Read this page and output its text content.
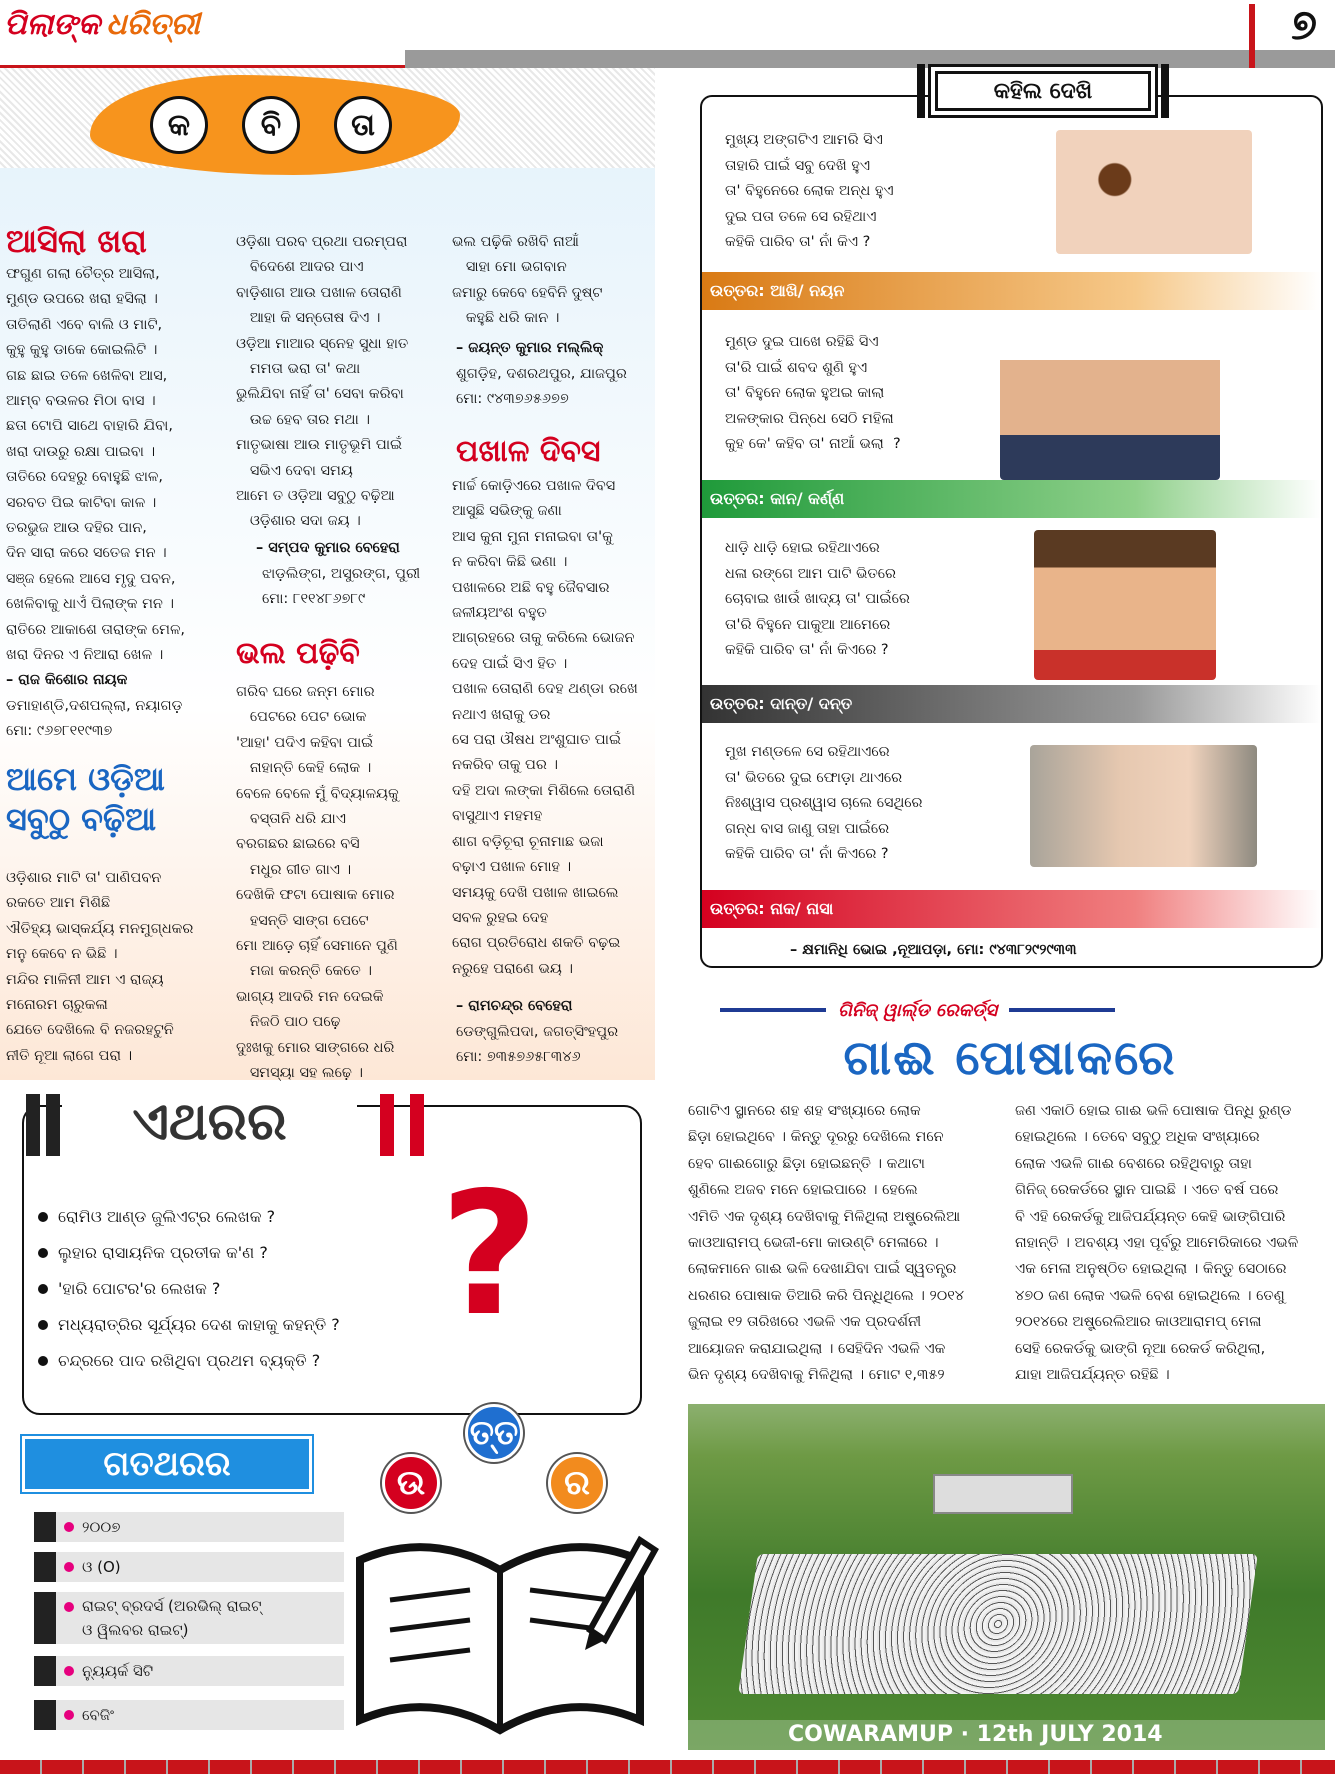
ପିଲାଙ୍କ ଧରିତ୍ରୀ	୭
କ	ବି	ତା
ଆସିଲା ଖରା
ଫଗୁଣ ଗଲା ଚୈତ୍ର ଆସିଲା,
ମୁଣ୍ଡ ଉପରେ ଖରା ହସିଲା ।
ତାତିଲାଣି ଏବେ ବାଲି ଓ ମାଟି,
କୁହୁ କୁହୁ ଡାକେ କୋଇଲିଟି ।
ଗଛ ଛାଇ ତଳେ ଖେଳିବା ଆସ,
ଆମ୍ବ ବଉଳର ମିଠା ବାସ ।
ଛତା ଟୋପି ସାଥେ ବାହାରି ଯିବା,
ଖରା ଦାଉରୁ ରକ୍ଷା ପାଇବା ।
ତାତିରେ ଦେହରୁ ବୋହୁଛି ଝାଳ,
ସରବତ ପିଇ କାଟିବା କାଳ ।
ତରଭୁଜ ଆଉ ଦହିର ପାନ,
ଦିନ ସାରା କରେ ସତେଜ ମନ ।
ସଞ୍ଜ ହେଲେ ଆସେ ମୃଦୁ ପବନ,
ଖେଳିବାକୁ ଧାଏଁ ପିଲାଙ୍କ ମନ ।
ରାତିରେ ଆକାଶେ ତାରାଙ୍କ ମେଳ,
ଖରା ଦିନର ଏ ନିଆରା ଖେଳ ।
– ରାଜ କିଶୋର ନାୟକ
ଡମାହାଣ୍ଡି,ଦଶପଲ୍ଲା, ନୟାଗଡ଼
ମୋ: ୯୬୭୮୧୧୯୩୭
ଆମେ ଓଡ଼ିଆ
ସବୁଠୁ ବଢ଼ିଆ
ଓଡ଼ିଶାର ମାଟି ତା' ପାଣିପବନ
ରକତେ ଆମ ମିଶିଛି
ଐତିହ୍ୟ ଭାସ୍କର୍ଯ୍ୟ ମନମୁଗ୍ଧକର
ମନୁ କେବେ ନ ଭିଛି ।
ମନ୍ଦିର ମାଳିନୀ ଆମ ଏ ରାଜ୍ୟ
ମନୋରମ ଚାରୁକଳା
ଯେତେ ଦେଖିଲେ ବି ନଜରହଟୁନି
ନୀତି ନୂଆ ଲାଗେ ପରା ।
ଓଡ଼ିଶା ପରବ ପ୍ରଥା ପରମ୍ପରା
ବିଦେଶେ ଆଦର ପାଏ
ବାଡ଼ିଶାଗ ଆଉ ପଖାଳ ତୋରାଣି
ଆହା କି ସନ୍ତୋଷ ଦିଏ ।
ଓଡ଼ିଆ ମାଆର ସ୍ନେହ ସୁଧା ହାତ
ମମତା ଭରା ତା' କଥା
ଭୁଲିଯିବା ନାହିଁ ତା' ସେବା କରିବା
ଉଚ୍ଚ ହେବ ତାର ମଥା ।
ମାତୃଭାଷା ଆଉ ମାତୃଭୂମି ପାଇଁ
ସଭିଏ ଦେବା ସମୟ
ଆମେ ତ ଓଡ଼ିଆ ସବୁଠୁ ବଢ଼ିଆ
ଓଡ଼ିଶାର ସଦା ଜୟ ।
– ସମ୍ପଦ କୁମାର ବେହେରା
ଝାଡ଼ଲିଙ୍ଗ, ଅସୁରଙ୍ଗ, ପୁରୀ
ମୋ: ୮୧୧୪୮୬୭୮୯
ଭଲ ପଢ଼ିବି
ଗରିବ ଘରେ ଜନ୍ମ ମୋର
ପେଟରେ ପେଟ ଭୋକ
'ଆହା' ପଦିଏ କହିବା ପାଇଁ
ନାହାନ୍ତି କେହି ଲୋକ ।
ବେଳେ ବେଳେ ମୁଁ ବିଦ୍ୟାଳୟକୁ
ବସ୍ତାନି ଧରି ଯାଏ
ବରଗଛର ଛାଇରେ ବସି
ମଧୁର ଗୀତ ଗାଏ ।
ଦେଖିକି ଫଟା ପୋଷାକ ମୋର
ହସନ୍ତି ସାଙ୍ଗ ପେଟେ
ମୋ ଆଡ଼େ ଚାହିଁ ସେମାନେ ପୁଣି
ମଜା କରନ୍ତି କେତେ ।
ଭାଗ୍ୟ ଆଦରି ମନ ଦେଇକି
ନିଜଠି ପାଠ ପଢ଼େ
ଦୁଃଖକୁ ମୋର ସାଙ୍ଗରେ ଧରି
ସମସ୍ୟା ସହ ଲଢ଼େ ।
ଭଲ ପଢ଼ିକି ରଖିବି ନାଆଁ
ସାହା ମୋ ଭଗବାନ
ଜମାରୁ କେବେ ହେବିନି ଦୁଷ୍ଟ
କହୁଛି ଧରି କାନ ।
– ଜୟନ୍ତ କୁମାର ମଲ୍ଲିକ୍
ଶୁଗଡ଼ିହ, ଦଶରଥପୁର, ଯାଜପୁର
ମୋ: ୯୪୩୭୬୫୬୭୭
ପଖାଳ ଦିବସ
ମାର୍ଚ୍ଚ କୋଡ଼ିଏରେ ପଖାଳ ଦିବସ
ଆସୁଛି ସଭିଙ୍କୁ ଜଣା
ଆସ କୁନା ମୁନା ମନାଇବା ତା'କୁ
ନ କରିବା କିଛି ଭଣା ।
ପଖାଳରେ ଅଛି ବହୁ ଜୈବସାର
ଜଳୀୟଅଂଶ ବହୁତ
ଆଗ୍ରହରେ ତାକୁ କରିଲେ ଭୋଜନ
ଦେହ ପାଇଁ ସିଏ ହିତ ।
ପଖାଳ ତୋରାଣି ଦେହ ଥଣ୍ଡା ରଖେ
ନଥାଏ ଖରାକୁ ଡର
ସେ ପରା ଔଷଧ ଅଂଶୁଘାତ ପାଇଁ
ନକରିବ ତାକୁ ପର ।
ଦହି ଅଦା ଲଙ୍କା ମିଶିଲେ ତୋରାଣି
ବାସୁଥାଏ ମହମହ
ଶାଗ ବଡ଼ିଚୂରା ଚୂନାମାଛ ଭଜା
ବଢ଼ାଏ ପଖାଳ ମୋହ ।
ସମୟକୁ ଦେଖି ପଖାଳ ଖାଇଲେ
ସବଳ ରୁହଇ ଦେହ
ରୋଗ ପ୍ରତିରୋଧ ଶକତି ବଢ଼ଇ
ନରୁହେ ପରାଣେ ଭୟ ।
– ରାମଚନ୍ଦ୍ର ବେହେରା
ଡେଙ୍ଗୁଲିପଦା, ଜଗତ୍‌ସିଂହପୁର
ମୋ: ୭୩୫୭୬୫୮୩୪୬
କହିଲ ଦେଖି
ମୁଖ୍ୟ ଅଙ୍ଗଟିଏ ଆମରି ସିଏ
ତାହାରି ପାଇଁ ସବୁ ଦେଖି ହୁଏ
ତା' ବିହୁନେରେ ଲୋକ ଅନ୍ଧ ହୁଏ
ଦୁଇ ପତା ତଳେ ସେ ରହିଥାଏ
କହିକି ପାରିବ ତା' ନାଁ କିଏ ?
ଉତ୍ତର: ଆଖି/ ନୟନ
ମୁଣ୍ଡ ଦୁଇ ପାଖେ ରହିଛି ସିଏ
ତା'ରି ପାଇଁ ଶବଦ ଶୁଣି ହୁଏ
ତା' ବିହୁନେ ଲୋକ ହୁଅଇ କାଲା
ଅଳଙ୍କାର ପିନ୍ଧେ ସେଠି ମହିଳା
କୁହ କେ' କହିବ ତା' ନାଆଁ ଭଲା  ?
ଉତ୍ତର: କାନ/ କର୍ଣ୍ଣ
ଧାଡ଼ି ଧାଡ଼ି ହୋଇ ରହିଥାଏରେ
ଧଳା ରଙ୍ଗେ ଆମ ପାଟି ଭିତରେ
ଚୋବାଇ ଖାଉଁ ଖାଦ୍ୟ ତା' ପାଇଁରେ
ତା'ରି ବିହୁନେ ପାକୁଆ ଆମେରେ
କହିକି ପାରିବ ତା' ନାଁ କିଏରେ ?
ଉତ୍ତର: ଦାନ୍ତ/ ଦନ୍ତ
ମୁଖ ମଣ୍ଡଳେ ସେ ରହିଥାଏରେ
ତା' ଭିତରେ ଦୁଇ ଫୋଡ଼ା ଥାଏରେ
ନିଃଶ୍ୱାସ ପ୍ରଶ୍ୱାସ ଚାଲେ ସେଥିରେ
ଗନ୍ଧ ବାସ ଜାଣୁ ତାହା ପାଇଁରେ
କହିକି ପାରିବ ତା' ନାଁ କିଏରେ ?
ଉତ୍ତର: ନାକ/ ନାସା
– କ୍ଷମାନିଧି ଭୋଇ ,ନୂଆପଡ଼ା, ମୋ: ୯୪୩୮୨୯୨୯୩୩
ଗିନିଜ୍ ୱାର୍ଲ୍ଡ ରେକର୍ଡ୍ସ
ଗାଈ ପୋଷାକରେ
ଗୋଟିଏ ସ୍ଥାନରେ ଶହ ଶହ ସଂଖ୍ୟାରେ ଲୋକ
ଛିଡ଼ା ହୋଇଥିବେ । କିନ୍ତୁ ଦୂରରୁ ଦେଖିଲେ ମନେ
ହେବ ଗାଈଗୋରୁ ଛିଡ଼ା ହୋଇଛନ୍ତି । କଥାଟା
ଶୁଣିଲେ ଅଜବ ମନେ ହୋଇପାରେ । ହେଲେ
ଏମିତି ଏକ ଦୃଶ୍ୟ ଦେଖିବାକୁ ମିଳିଥିଲା ଅଷ୍ଟ୍ରେଲିଆ
କାଓଆରାମପ୍ ଭେଜୀ-ମୋ କାଉଣ୍ଟି ମେଳାରେ ।
ଲୋକମାନେ ଗାଈ ଭଳି ଦେଖାଯିବା ପାଇଁ ସ୍ୱତନ୍ତ୍ର
ଧରଣର ପୋଷାକ ତିଆରି କରି ପିନ୍ଧିଥିଲେ । ୨୦୧୪
ଜୁଲାଇ ୧୨ ତାରିଖରେ ଏଭଳି ଏକ ପ୍ରଦର୍ଶନୀ
ଆୟୋଜନ କରାଯାଇଥିଲା । ସେହିଦିନ ଏଭଳି ଏକ
ଭିନ ଦୃଶ୍ୟ ଦେଖିବାକୁ ମିଳିଥିଲା । ମୋଟ ୧,୩୫୨
ଜଣ ଏକାଠି ହୋଇ ଗାଈ ଭଳି ପୋଷାକ ପିନ୍ଧି ରୁଣ୍ଡ
ହୋଇଥିଲେ । ତେବେ ସବୁଠୁ ଅଧିକ ସଂଖ୍ୟାରେ
ଲୋକ ଏଭଳି ଗାଈ ବେଶରେ ରହିଥିବାରୁ ତାହା
ଗିନିଜ୍ ରେକର୍ଡରେ ସ୍ଥାନ ପାଇଛି । ଏତେ ବର୍ଷ ପରେ
ବି ଏହି ରେକର୍ଡକୁ ଆଜିପର୍ଯ୍ୟନ୍ତ କେହି ଭାଙ୍ଗିପାରି
ନାହାନ୍ତି । ଅବଶ୍ୟ ଏହା ପୂର୍ବରୁ ଆମେରିକାରେ ଏଭଳି
ଏକ ମେଳା ଅନୁଷ୍ଠିତ ହୋଇଥିଲା । କିନ୍ତୁ ସେଠାରେ
୪୭୦ ଜଣ ଲୋକ ଏଭଳି ବେଶ ହୋଇଥିଲେ । ତେଣୁ
୨୦୧୪ରେ ଅଷ୍ଟ୍ରେଲିଆର କାଓଆରାମପ୍ ମେଳା
ସେହି ରେକର୍ଡକୁ ଭାଙ୍ଗି ନୂଆ ରେକର୍ଡ କରିଥିଲା,
ଯାହା ଆଜିପର୍ଯ୍ୟନ୍ତ ରହିଛି ।
COWARAMUP · 12th JULY 2014
ଏଥରର
ରୋମିଓ ଆଣ୍ଡ ଜୁଲିଏଟ୍‌ର ଲେଖକ ?
ଲୁହାର ରାସାୟନିକ ପ୍ରତୀକ କ'ଣ ?
'ହାରି ପୋଟର'ର ଲେଖକ ?
ମଧ୍ୟରାତ୍ରିର ସୂର୍ଯ୍ୟର ଦେଶ କାହାକୁ କହନ୍ତି ?
ଚନ୍ଦ୍ରରେ ପାଦ ରଖିଥିବା ପ୍ରଥମ ବ୍ୟକ୍ତି ?
?
ଗତଥରର	ଉ
ତ୍ତ
ର
୨୦୦୭
ଓ (O)
ରାଇଟ୍ ବ୍ରଦର୍ସ (ଅରଭିଲ୍ ରାଇଟ୍
ଓ ୱିଲବର ରାଇଟ୍)
ନ୍ୟୁୟର୍କ ସିଟି
ବେଜିଂ
